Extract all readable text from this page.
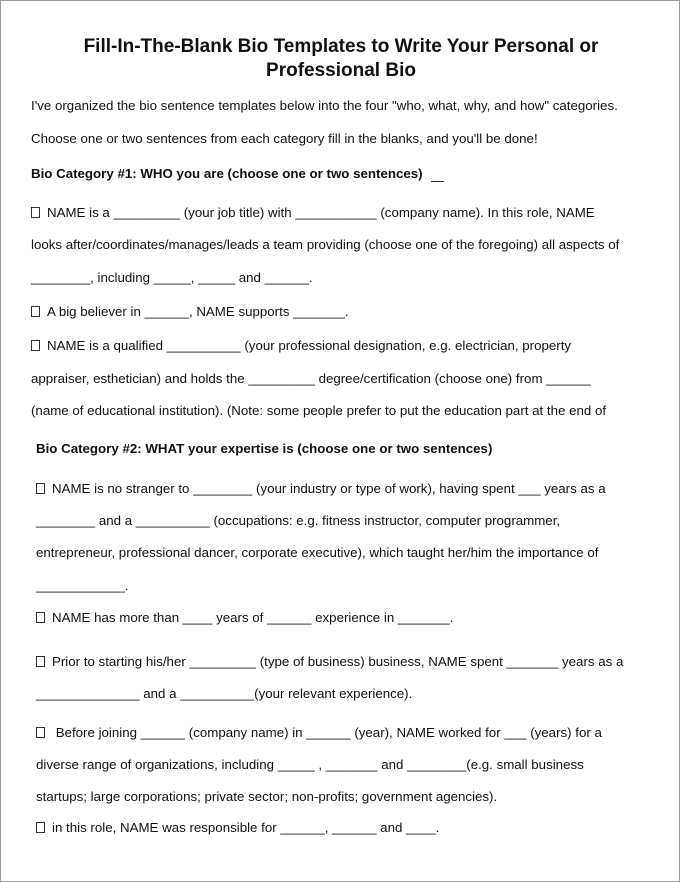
Fill-In-The-Blank Bio Templates to Write Your Personal or
Professional Bio
I've organized the bio sentence templates below into the four "who, what, why, and how" categories.
Choose one or two sentences from each category fill in the blanks, and you'll be done!
Bio Category #1: WHO you are (choose one or two sentences)
NAME is a _________ (your job title) with ___________ (company name). In this role, NAME
looks after/coordinates/manages/leads a team providing (choose one of the foregoing) all aspects of
________, including _____, _____ and ______.
A big believer in ______, NAME supports _______.
NAME is a qualified __________ (your professional designation, e.g. electrician, property
appraiser, esthetician) and holds the _________ degree/certification (choose one) from ______
(name of educational institution). (Note: some people prefer to put the education part at the end of
Bio Category #2: WHAT your expertise is (choose one or two sentences)
NAME is no stranger to ________ (your industry or type of work), having spent ___ years as a
________ and a __________ (occupations: e.g. fitness instructor, computer programmer,
entrepreneur, professional dancer, corporate executive), which taught her/him the importance of
____________.
NAME has more than ____ years of ______ experience in _______.
Prior to starting his/her _________ (type of business) business, NAME spent _______ years as a
______________ and a __________(your relevant experience).
Before joining ______ (company name) in ______ (year), NAME worked for ___ (years) for a
diverse range of organizations, including _____ , _______ and ________(e.g. small business
startups; large corporations; private sector; non-profits; government agencies).
in this role, NAME was responsible for ______, ______ and ____.
